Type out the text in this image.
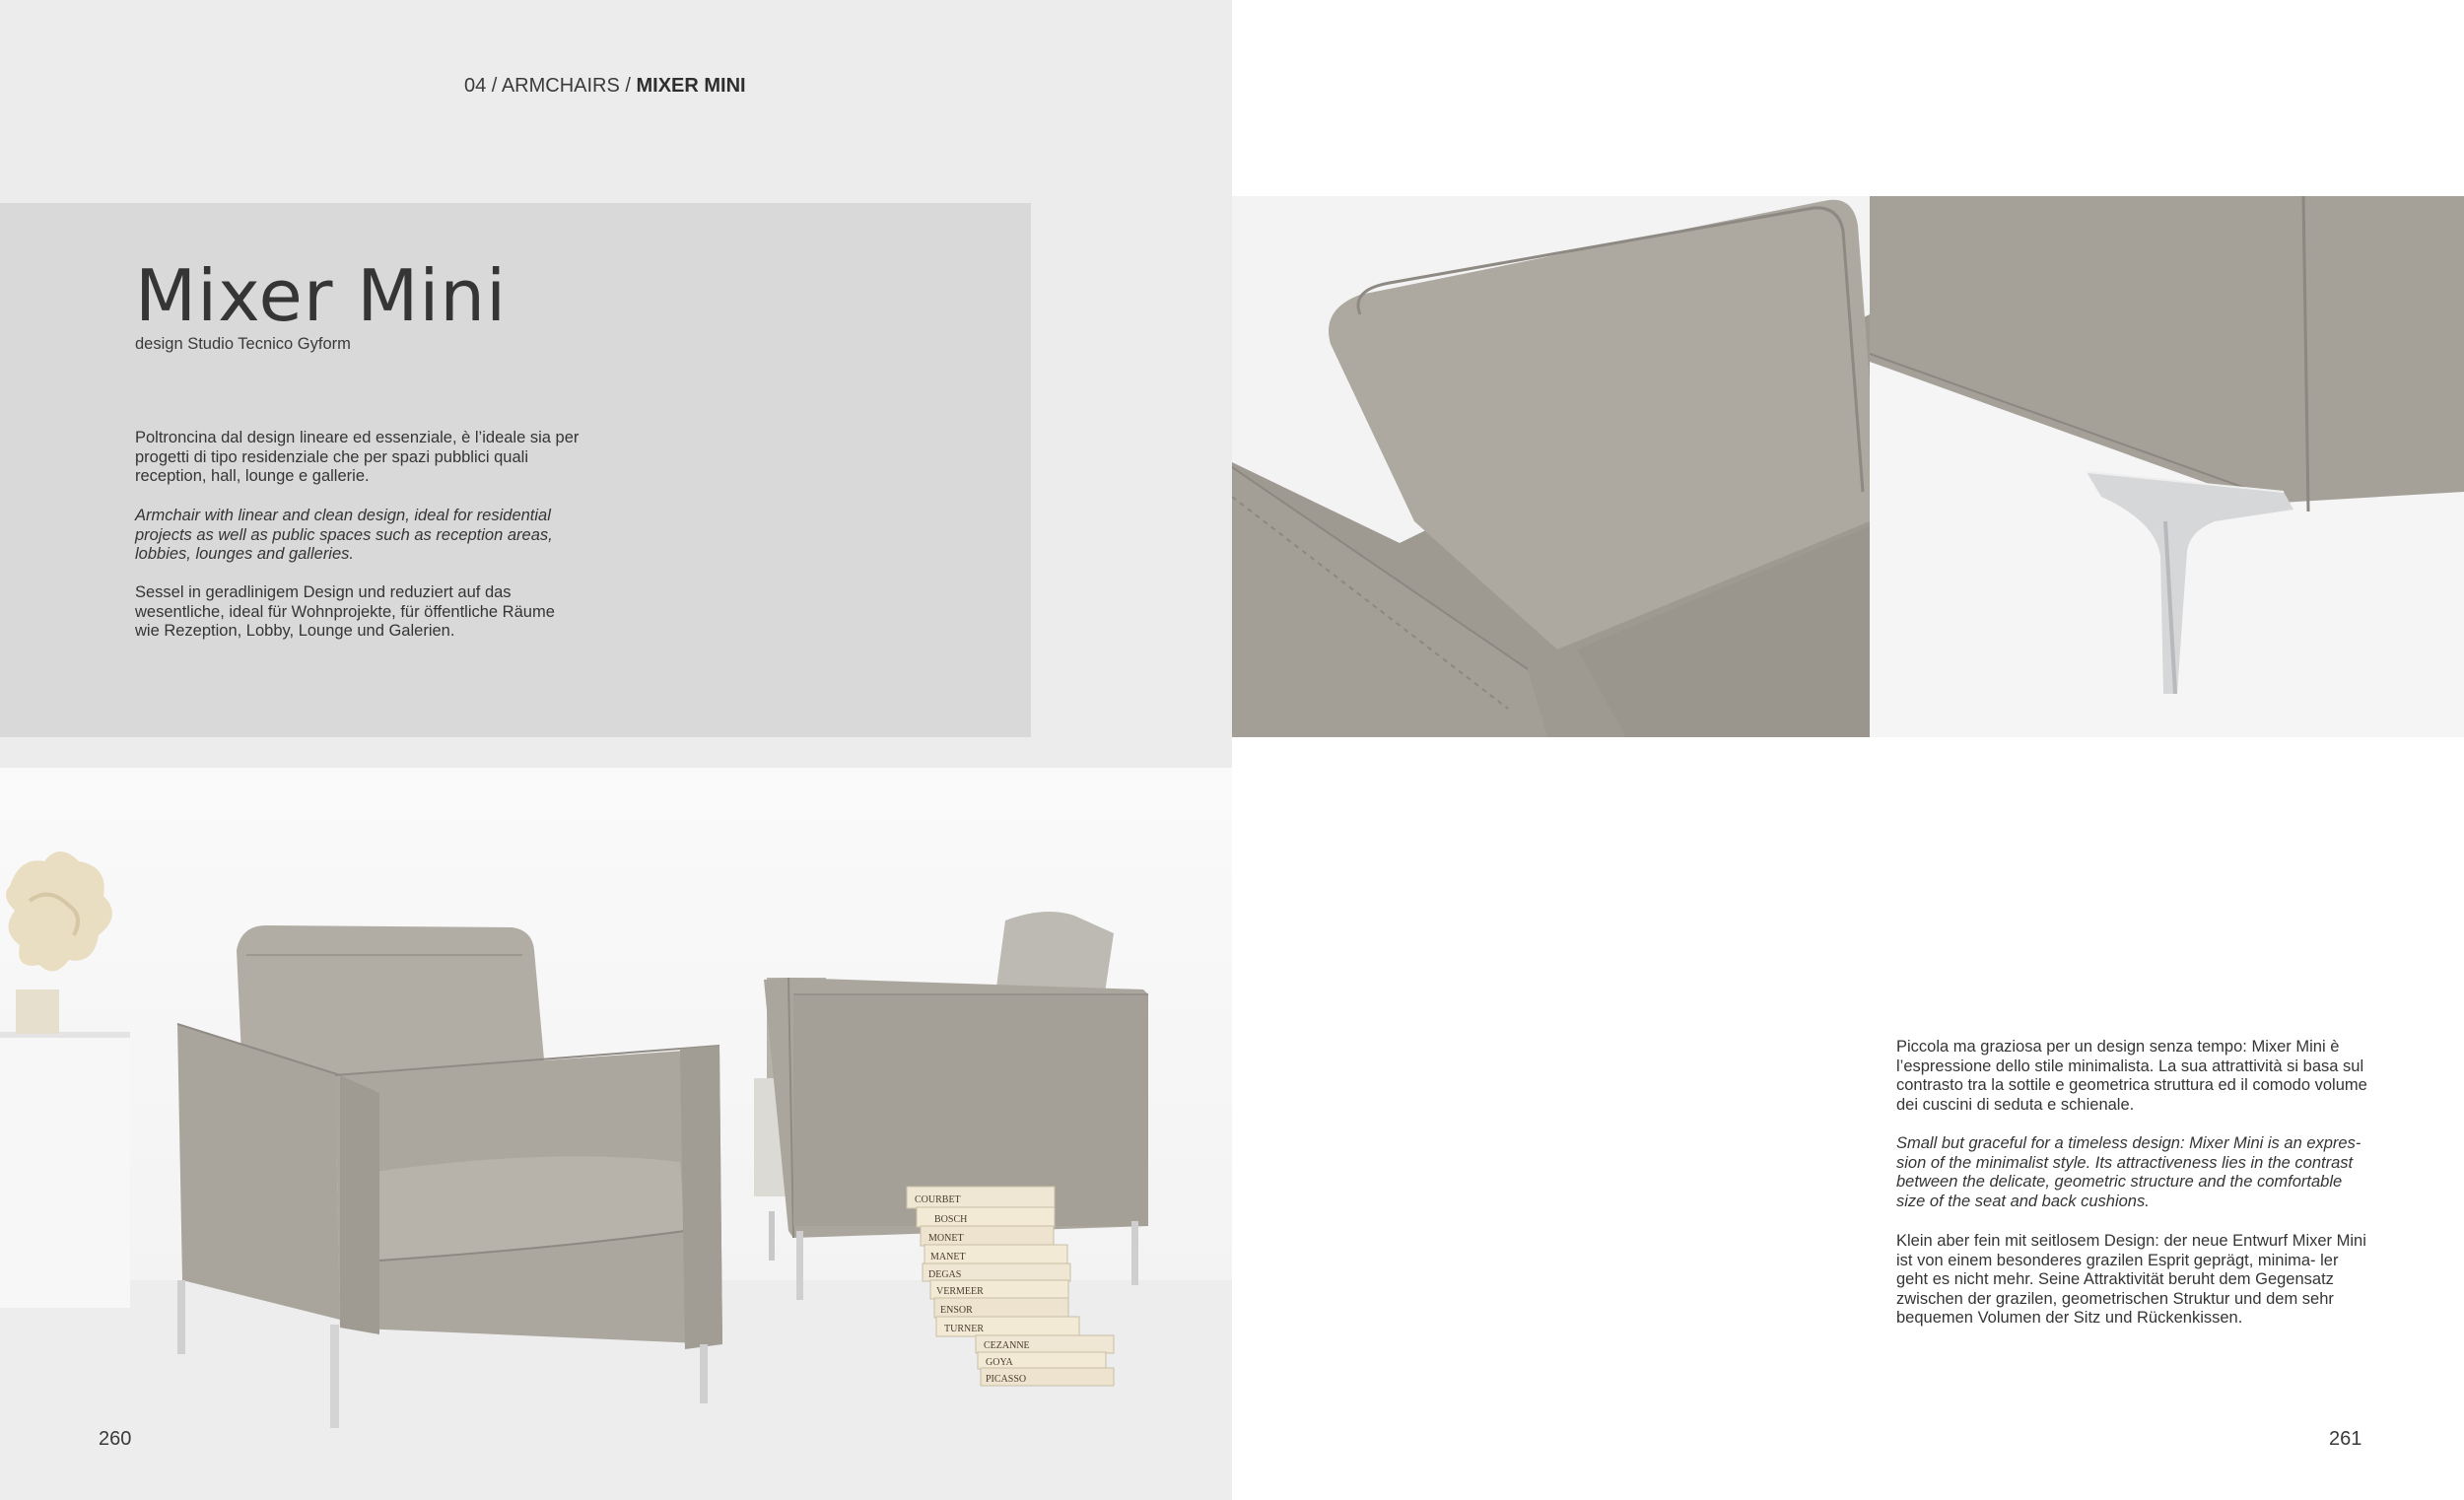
04 / ARMCHAIRS / MIXER MINI
Mixer Mini
design Studio Tecnico Gyform

Poltroncina dal design lineare ed essenziale, è l’ideale sia per progetti di tipo residenziale che per spazi pubblici quali reception, hall, lounge e gallerie.

Armchair with linear and clean design, ideal for residential projects as well as public spaces such as reception areas, lobbies, lounges and galleries.

Sessel in geradlinigem Design und reduziert auf das wesentliche, ideal für Wohnprojekte, für öffentliche Räume wie Rezeption, Lobby, Lounge und Galerien.

COURBET
BOSCH
MONET
MANET
DEGAS
VERMEER
ENSOR
TURNER
CEZANNE
GOYA
PICASSO
260

Piccola ma graziosa per un design senza tempo: Mixer Mini è l’espressione dello stile minimalista. La sua attrattività si basa sul contrasto tra la sottile e geometrica struttura ed il comodo volume dei cuscini di seduta e schienale.

Small but graceful for a timeless design: Mixer Mini is an expres- sion of the minimalist style. Its attractiveness lies in the contrast between the delicate, geometric structure and the comfortable size of the seat and back cushions.

Klein aber fein mit seitlosem Design: der neue Entwurf Mixer Mini ist von einem besonderes grazilen Esprit geprägt, minima- ler geht es nicht mehr. Seine Attraktivität beruht dem Gegensatz zwischen der grazilen, geometrischen Struktur und dem sehr bequemen Volumen der Sitz und Rückenkissen.

261
